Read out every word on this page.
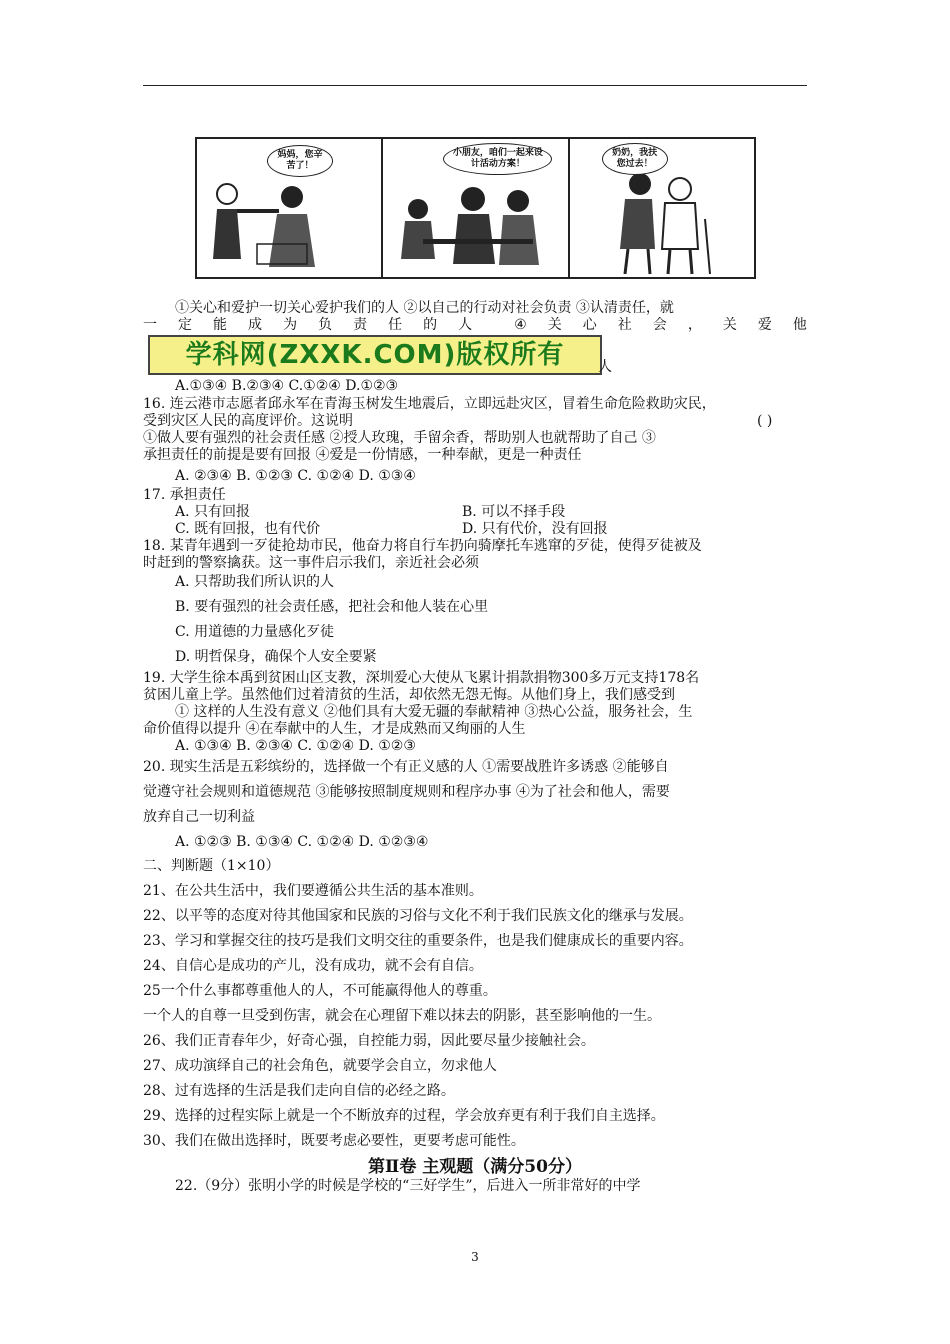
妈妈，您辛苦了！
小朋友，咱们一起来设计活动方案！
奶奶，我扶您过去！
①关心和爱护一切关心爱护我们的人 ②以自己的行动对社会负责 ③认清责任，就
一 定 能 成 为 负 责 任 的 人	④ 关 心 社 会 ， 关 爱 他
学科网(ZXXK.COM)版权所有	人
A.①③④ B.②③④ C.①②④ D.①②③
16. 连云港市志愿者邱永军在青海玉树发生地震后，立即远赴灾区，冒着生命危险救助灾民，
受到灾区人民的高度评价。这说明	( )
①做人要有强烈的社会责任感 ②授人玫瑰，手留余香，帮助别人也就帮助了自己 ③
承担责任的前提是要有回报 ④爱是一份情感，一种奉献，更是一种责任
A. ②③④ B. ①②③ C. ①②④ D. ①③④
17. 承担责任
A. 只有回报	B. 可以不择手段
C. 既有回报，也有代价	D. 只有代价，没有回报
18. 某青年遇到一歹徒抢劫市民，他奋力将自行车扔向骑摩托车逃窜的歹徒，使得歹徒被及
时赶到的警察擒获。这一事件启示我们，亲近社会必须
A. 只帮助我们所认识的人
B. 要有强烈的社会责任感，把社会和他人装在心里
C. 用道德的力量感化歹徒
D. 明哲保身，确保个人安全要紧
19. 大学生徐本禹到贫困山区支教，深圳爱心大使从飞累计捐款捐物300多万元支持178名
贫困儿童上学。虽然他们过着清贫的生活，却依然无怨无悔。从他们身上，我们感受到
① 这样的人生没有意义 ②他们具有大爱无疆的奉献精神 ③热心公益，服务社会，生
命价值得以提升 ④在奉献中的人生，才是成熟而又绚丽的人生
A. ①③④ B. ②③④ C. ①②④ D. ①②③
20. 现实生活是五彩缤纷的，选择做一个有正义感的人 ①需要战胜许多诱惑 ②能够自
觉遵守社会规则和道德规范 ③能够按照制度规则和程序办事 ④为了社会和他人，需要
放弃自己一切利益
A. ①②③ B. ①③④ C. ①②④ D. ①②③④
二、判断题（1×10）
21、在公共生活中，我们要遵循公共生活的基本准则。
22、以平等的态度对待其他国家和民族的习俗与文化不利于我们民族文化的继承与发展。
23、学习和掌握交往的技巧是我们文明交往的重要条件，也是我们健康成长的重要内容。
24、自信心是成功的产儿，没有成功，就不会有自信。
25一个什么事都尊重他人的人，不可能赢得他人的尊重。
一个人的自尊一旦受到伤害，就会在心理留下难以抹去的阴影，甚至影响他的一生。
26、我们正青春年少，好奇心强，自控能力弱，因此要尽量少接触社会。
27、成功演绎自己的社会角色，就要学会自立，勿求他人
28、过有选择的生活是我们走向自信的必经之路。
29、选择的过程实际上就是一个不断放弃的过程，学会放弃更有利于我们自主选择。
30、我们在做出选择时，既要考虑必要性，更要考虑可能性。
第Ⅱ卷 主观题（满分50分）
22.（9分）张明小学的时候是学校的“三好学生”，后进入一所非常好的中学
3
